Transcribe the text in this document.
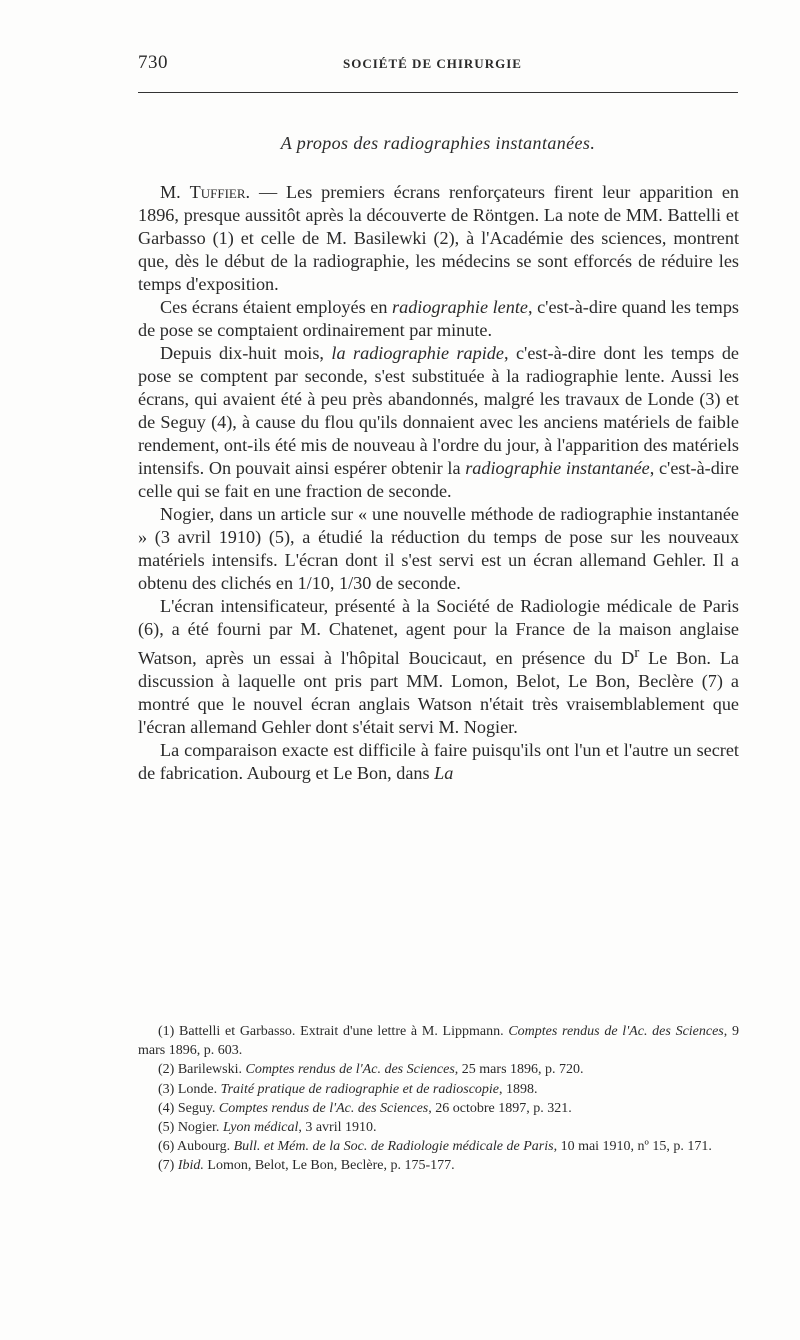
730	SOCIÉTÉ DE CHIRURGIE
A propos des radiographies instantanées.

M. Tuffier. — Les premiers écrans renforçateurs firent leur apparition en 1896, presque aussitôt après la découverte de Röntgen. La note de MM. Battelli et Garbasso (1) et celle de M. Basilewki (2), à l'Académie des sciences, montrent que, dès le début de la radiographie, les médecins se sont efforcés de réduire les temps d'exposition.

Ces écrans étaient employés en radiographie lente, c'est-à-dire quand les temps de pose se comptaient ordinairement par minute.

Depuis dix-huit mois, la radiographie rapide, c'est-à-dire dont les temps de pose se comptent par seconde, s'est substituée à la radiographie lente. Aussi les écrans, qui avaient été à peu près abandonnés, malgré les travaux de Londe (3) et de Seguy (4), à cause du flou qu'ils donnaient avec les anciens matériels de faible rendement, ont-ils été mis de nouveau à l'ordre du jour, à l'apparition des matériels intensifs. On pouvait ainsi espérer obtenir la radiographie instantanée, c'est-à-dire celle qui se fait en une fraction de seconde.

Nogier, dans un article sur « une nouvelle méthode de radiographie instantanée » (3 avril 1910) (5), a étudié la réduction du temps de pose sur les nouveaux matériels intensifs. L'écran dont il s'est servi est un écran allemand Gehler. Il a obtenu des clichés en 1/10, 1/30 de seconde.

L'écran intensificateur, présenté à la Société de Radiologie médicale de Paris (6), a été fourni par M. Chatenet, agent pour la France de la maison anglaise Watson, après un essai à l'hôpital Boucicaut, en présence du $D^r$ Le Bon. La discussion à laquelle ont pris part MM. Lomon, Belot, Le Bon, Beclère (7) a montré que le nouvel écran anglais Watson n'était très vraisemblablement que l'écran allemand Gehler dont s'était servi M. Nogier.

La comparaison exacte est difficile à faire puisqu'ils ont l'un et l'autre un secret de fabrication. Aubourg et Le Bon, dans La

(1) Battelli et Garbasso. Extrait d'une lettre à M. Lippmann. Comptes rendus de l'Ac. des Sciences, 9 mars 1896, p. 603.

(2) Barilewski. Comptes rendus de l'Ac. des Sciences, 25 mars 1896, p. 720.

(3) Londe. Traité pratique de radiographie et de radioscopie, 1898.

(4) Seguy. Comptes rendus de l'Ac. des Sciences, 26 octobre 1897, p. 321.

(5) Nogier. Lyon médical, 3 avril 1910.

(6) Aubourg. Bull. et Mém. de la Soc. de Radiologie médicale de Paris, 10 mai 1910, nº 15, p. 171.

(7) Ibid. Lomon, Belot, Le Bon, Beclère, p. 175-177.
